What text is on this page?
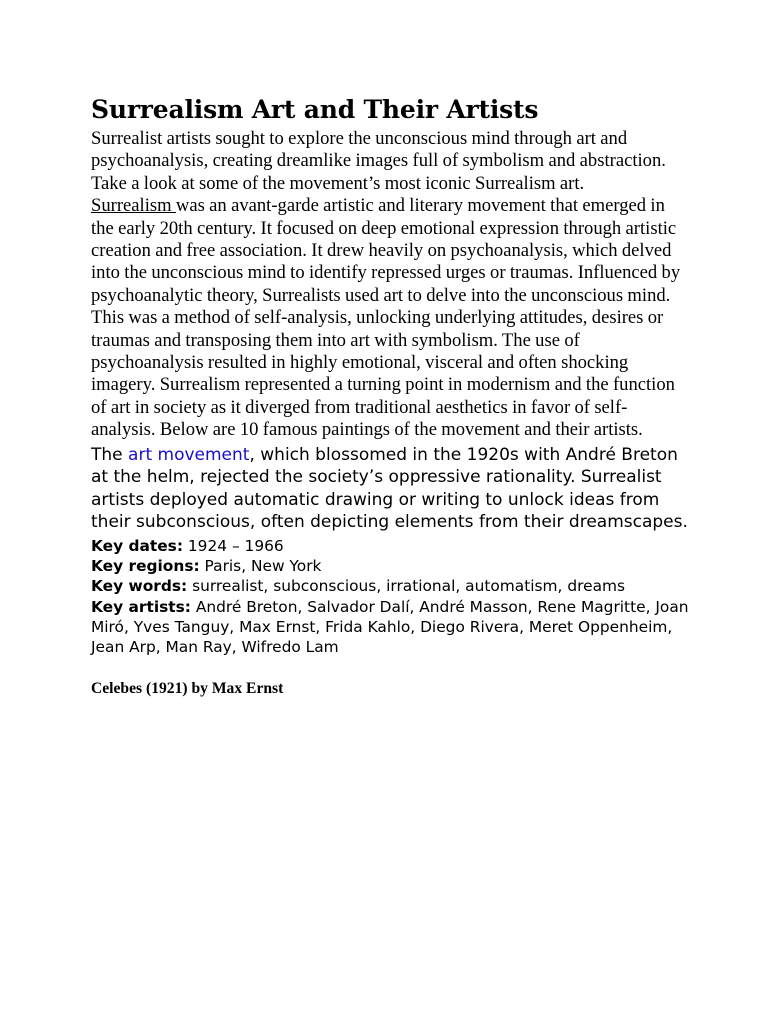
Surrealism Art and Their Artists

Surrealist artists sought to explore the unconscious mind through art and psychoanalysis, creating dreamlike images full of symbolism and abstraction. Take a look at some of the movement’s most iconic Surrealism art.

Surrealism was an avant-garde artistic and literary movement that emerged in the early 20th century. It focused on deep emotional expression through artistic creation and free association. It drew heavily on psychoanalysis, which delved into the unconscious mind to identify repressed urges or traumas. Influenced by psychoanalytic theory, Surrealists used art to delve into the unconscious mind. This was a method of self-analysis, unlocking underlying attitudes, desires or traumas and transposing them into art with symbolism. The use of psychoanalysis resulted in highly emotional, visceral and often shocking imagery. Surrealism represented a turning point in modernism and the function of art in society as it diverged from traditional aesthetics in favor of self-analysis. Below are 10 famous paintings of the movement and their artists.

The art movement, which blossomed in the 1920s with André Breton at the helm, rejected the society’s oppressive rationality. Surrealist artists deployed automatic drawing or writing to unlock ideas from their subconscious, often depicting elements from their dreamscapes.

Key dates: 1924 – 1966

Key regions: Paris, New York

Key words: surrealist, subconscious, irrational, automatism, dreams

Key artists: André Breton, Salvador Dalí, André Masson, Rene Magritte, Joan Miró, Yves Tanguy, Max Ernst, Frida Kahlo, Diego Rivera, Meret Oppenheim, Jean Arp, Man Ray, Wifredo Lam

Celebes (1921) by Max Ernst
